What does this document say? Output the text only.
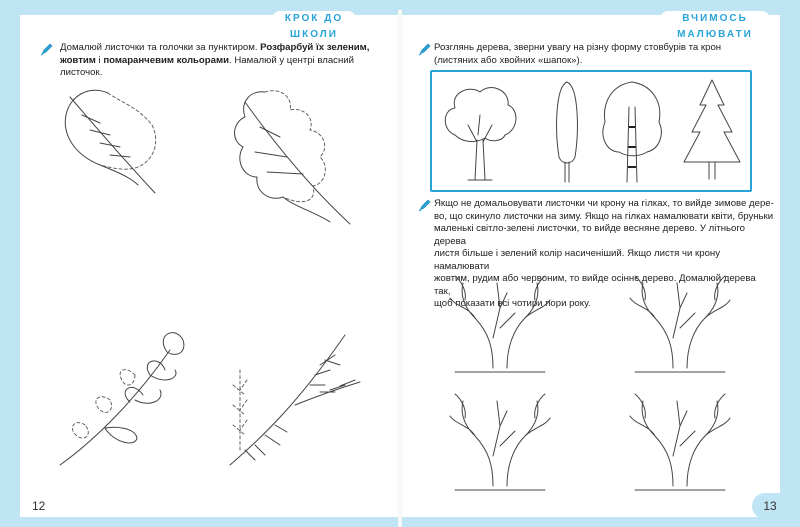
КРОК ДО ШКОЛИ
ВЧИМОСЬ МАЛЮВАТИ
Домалюй листочки та голочки за пунктиром. Розфарбуй їх зеленим, жовтим і помаранчевим кольорами. Намалюй у центрі власний листочок.
12
Розглянь дерева, зверни увагу на різну форму стовбурів та крон (листяних або хвойних «шапок»).
Якщо не домальовувати листочки чи крону на гілках, то вийде зимове дере-
во, що скинуло листочки на зиму. Якщо на гілках намалювати квіти, бруньки
маленькі світло-зелені листочки, то вийде весняне дерево. У літнього дерева
листя більше і зелений колір насиченіший. Якщо листя чи крону намалювати
жовтим, рудим або червоним, то вийде осіннє дерево. Домалюй дерева так,
щоб показати всі чотири пори року.
13
